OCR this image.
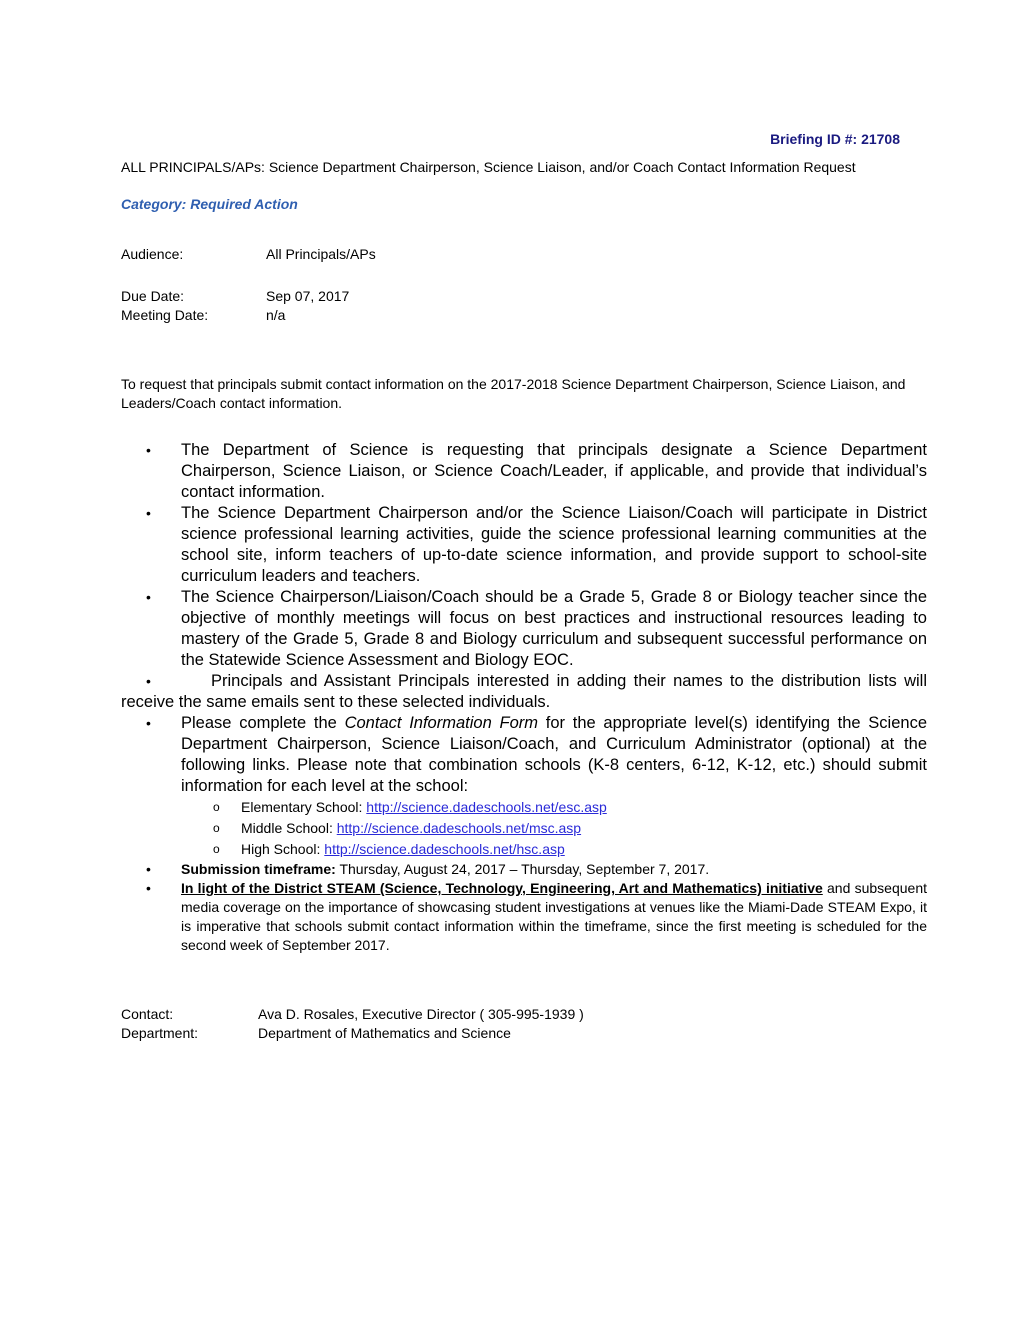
Briefing ID #: 21708
ALL PRINCIPALS/APs: Science Department Chairperson, Science Liaison, and/or Coach Contact Information Request
Category: Required Action
Audience:	All Principals/APs
Due Date:	Sep 07, 2017
Meeting Date:	n/a
To request that principals submit contact information on the 2017-2018 Science Department Chairperson, Science Liaison, and Leaders/Coach contact information.
• The Department of Science is requesting that principals designate a Science Department Chairperson, Science Liaison, or Science Coach/Leader, if applicable, and provide that individual’s contact information.
• The Science Department Chairperson and/or the Science Liaison/Coach will participate in District science professional learning activities, guide the science professional learning communities at the school site, inform teachers of up-to-date science information, and provide support to school-site curriculum leaders and teachers.
• The Science Chairperson/Liaison/Coach should be a Grade 5, Grade 8 or Biology teacher since the objective of monthly meetings will focus on best practices and instructional resources leading to mastery of the Grade 5, Grade 8 and Biology curriculum and subsequent successful performance on the Statewide Science Assessment and Biology EOC.
•	Principals and Assistant Principals interested in adding their names to the distribution lists will receive the same emails sent to these selected individuals.
• Please complete the Contact Information Form for the appropriate level(s) identifying the Science Department Chairperson, Science Liaison/Coach, and Curriculum Administrator (optional) at the following links. Please note that combination schools (K-8 centers, 6-12, K-12, etc.) should submit information for each level at the school:
o Elementary School: http://science.dadeschools.net/esc.asp
o Middle School: http://science.dadeschools.net/msc.asp
o High School: http://science.dadeschools.net/hsc.asp
• Submission timeframe: Thursday, August 24, 2017 – Thursday, September 7, 2017.
• In light of the District STEAM (Science, Technology, Engineering, Art and Mathematics) initiative and subsequent media coverage on the importance of showcasing student investigations at venues like the Miami-Dade STEAM Expo, it is imperative that schools submit contact information within the timeframe, since the first meeting is scheduled for the second week of September 2017.
Contact:	Ava D. Rosales, Executive Director ( 305-995-1939 )
Department:	Department of Mathematics and Science
